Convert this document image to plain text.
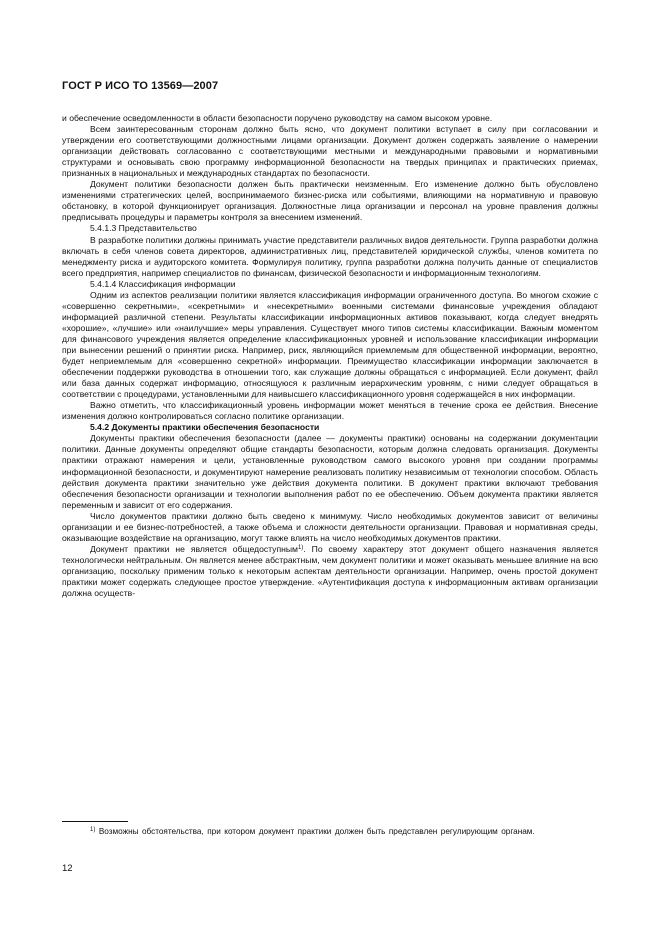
ГОСТ Р ИСО ТО 13569—2007

и обеспечение осведомленности в области безопасности поручено руководству на самом высоком уровне.

Всем заинтересованным сторонам должно быть ясно, что документ политики вступает в силу при согласовании и утверждении его соответствующими должностными лицами организации. Документ должен содержать заявление о намерении организации действовать согласованно с соответствующими местными и международными правовыми и нормативными структурами и основывать свою программу информационной безопасности на твердых принципах и практических приемах, признанных в национальных и международных стандартах по безопасности.

Документ политики безопасности должен быть практически неизменным. Его изменение должно быть обусловлено изменениями стратегических целей, воспринимаемого бизнес-риска или событиями, влияющими на нормативную и правовую обстановку, в которой функционирует организация. Должностные лица организации и персонал на уровне правления должны предписывать процедуры и параметры контроля за внесением изменений.

5.4.1.3 Представительство

В разработке политики должны принимать участие представители различных видов деятельности. Группа разработки должна включать в себя членов совета директоров, административных лиц, представителей юридической службы, членов комитета по менеджменту риска и аудиторского комитета. Формулируя политику, группа разработки должна получить данные от специалистов всего предприятия, например специалистов по финансам, физической безопасности и информационным технологиям.

5.4.1.4 Классификация информации

Одним из аспектов реализации политики является классификация информации ограниченного доступа. Во многом схожие с «совершенно секретными», «секретными» и «несекретными» военными системами финансовые учреждения обладают информацией различной степени. Результаты классификации информационных активов показывают, когда следует внедрять «хорошие», «лучшие» или «наилучшие» меры управления. Существует много типов системы классификации. Важным моментом для финансового учреждения является определение классификационных уровней и использование классификации информации при вынесении решений о принятии риска. Например, риск, являющийся приемлемым для общественной информации, вероятно, будет неприемлемым для «совершенно секретной» информации. Преимущество классификации информации заключается в обеспечении поддержки руководства в отношении того, как служащие должны обращаться с информацией. Если документ, файл или база данных содержат информацию, относящуюся к различным иерархическим уровням, с ними следует обращаться в соответствии с процедурами, установленными для наивысшего классификационного уровня содержащейся в них информации.

Важно отметить, что классификационный уровень информации может меняться в течение срока ее действия. Внесение изменения должно контролироваться согласно политике организации.

5.4.2 Документы практики обеспечения безопасности

Документы практики обеспечения безопасности (далее — документы практики) основаны на содержании документации политики. Данные документы определяют общие стандарты безопасности, которым должна следовать организация. Документы практики отражают намерения и цели, установленные руководством самого высокого уровня при создании программы информационной безопасности, и документируют намерение реализовать политику независимым от технологии способом. Область действия документа практики значительно уже действия документа политики. В документ практики включают требования обеспечения безопасности организации и технологии выполнения работ по ее обеспечению. Объем документа практики является переменным и зависит от его содержания.

Число документов практики должно быть сведено к минимуму. Число необходимых документов зависит от величины организации и ее бизнес-потребностей, а также объема и сложности деятельности организации. Правовая и нормативная среды, оказывающие воздействие на организацию, могут также влиять на число необходимых документов практики.

Документ практики не является общедоступным$^{1)}$. По своему характеру этот документ общего назначения является технологически нейтральным. Он является менее абстрактным, чем документ политики и может оказывать меньшее влияние на всю организацию, поскольку применим только к некоторым аспектам деятельности организации. Например, очень простой документ практики может содержать следующее простое утверждение. «Аутентификация доступа к информационным активам организации должна осуществ-

$^{1)}$ Возможны обстоятельства, при котором документ практики должен быть представлен регулирующим органам.
12
